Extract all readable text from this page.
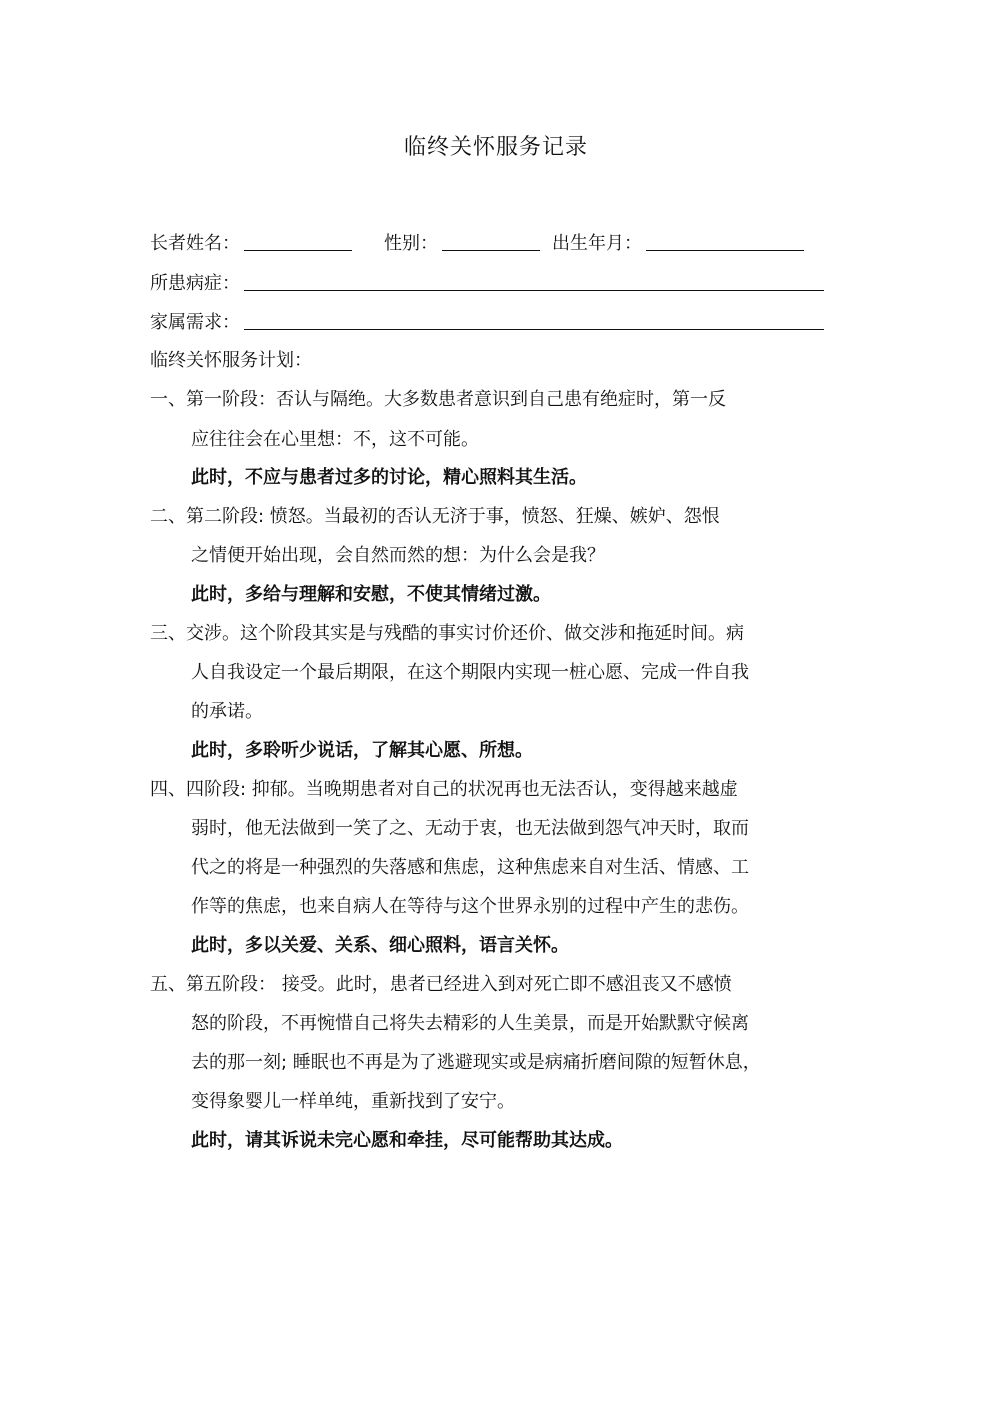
临终关怀服务记录
长者姓名：	性别：	出生年月：
所患病症：
家属需求：
临终关怀服务计划：
一、第一阶段：否认与隔绝。大多数患者意识到自己患有绝症时，第一反
应往往会在心里想：不，这不可能。
此时，不应与患者过多的讨论，精心照料其生活。
二、第二阶段: 愤怒。当最初的否认无济于事，愤怒、狂燥、嫉妒、怨恨
之情便开始出现，会自然而然的想：为什么会是我？
此时，多给与理解和安慰，不使其情绪过激。
三、交涉。这个阶段其实是与残酷的事实讨价还价、做交涉和拖延时间。病
人自我设定一个最后期限，在这个期限内实现一桩心愿、完成一件自我
的承诺。
此时，多聆听少说话，了解其心愿、所想。
四、四阶段: 抑郁。当晚期患者对自己的状况再也无法否认，变得越来越虚
弱时，他无法做到一笑了之、无动于衷，也无法做到怨气冲天时，取而
代之的将是一种强烈的失落感和焦虑，这种焦虑来自对生活、情感、工
作等的焦虑，也来自病人在等待与这个世界永别的过程中产生的悲伤。
此时，多以关爱、关系、细心照料，语言关怀。
五、第五阶段： 接受。此时，患者已经进入到对死亡即不感沮丧又不感愤
怒的阶段，不再惋惜自己将失去精彩的人生美景，而是开始默默守候离
去的那一刻; 睡眠也不再是为了逃避现实或是病痛折磨间隙的短暂休息，
变得象婴儿一样单纯，重新找到了安宁。
此时，请其诉说未完心愿和牵挂，尽可能帮助其达成。
